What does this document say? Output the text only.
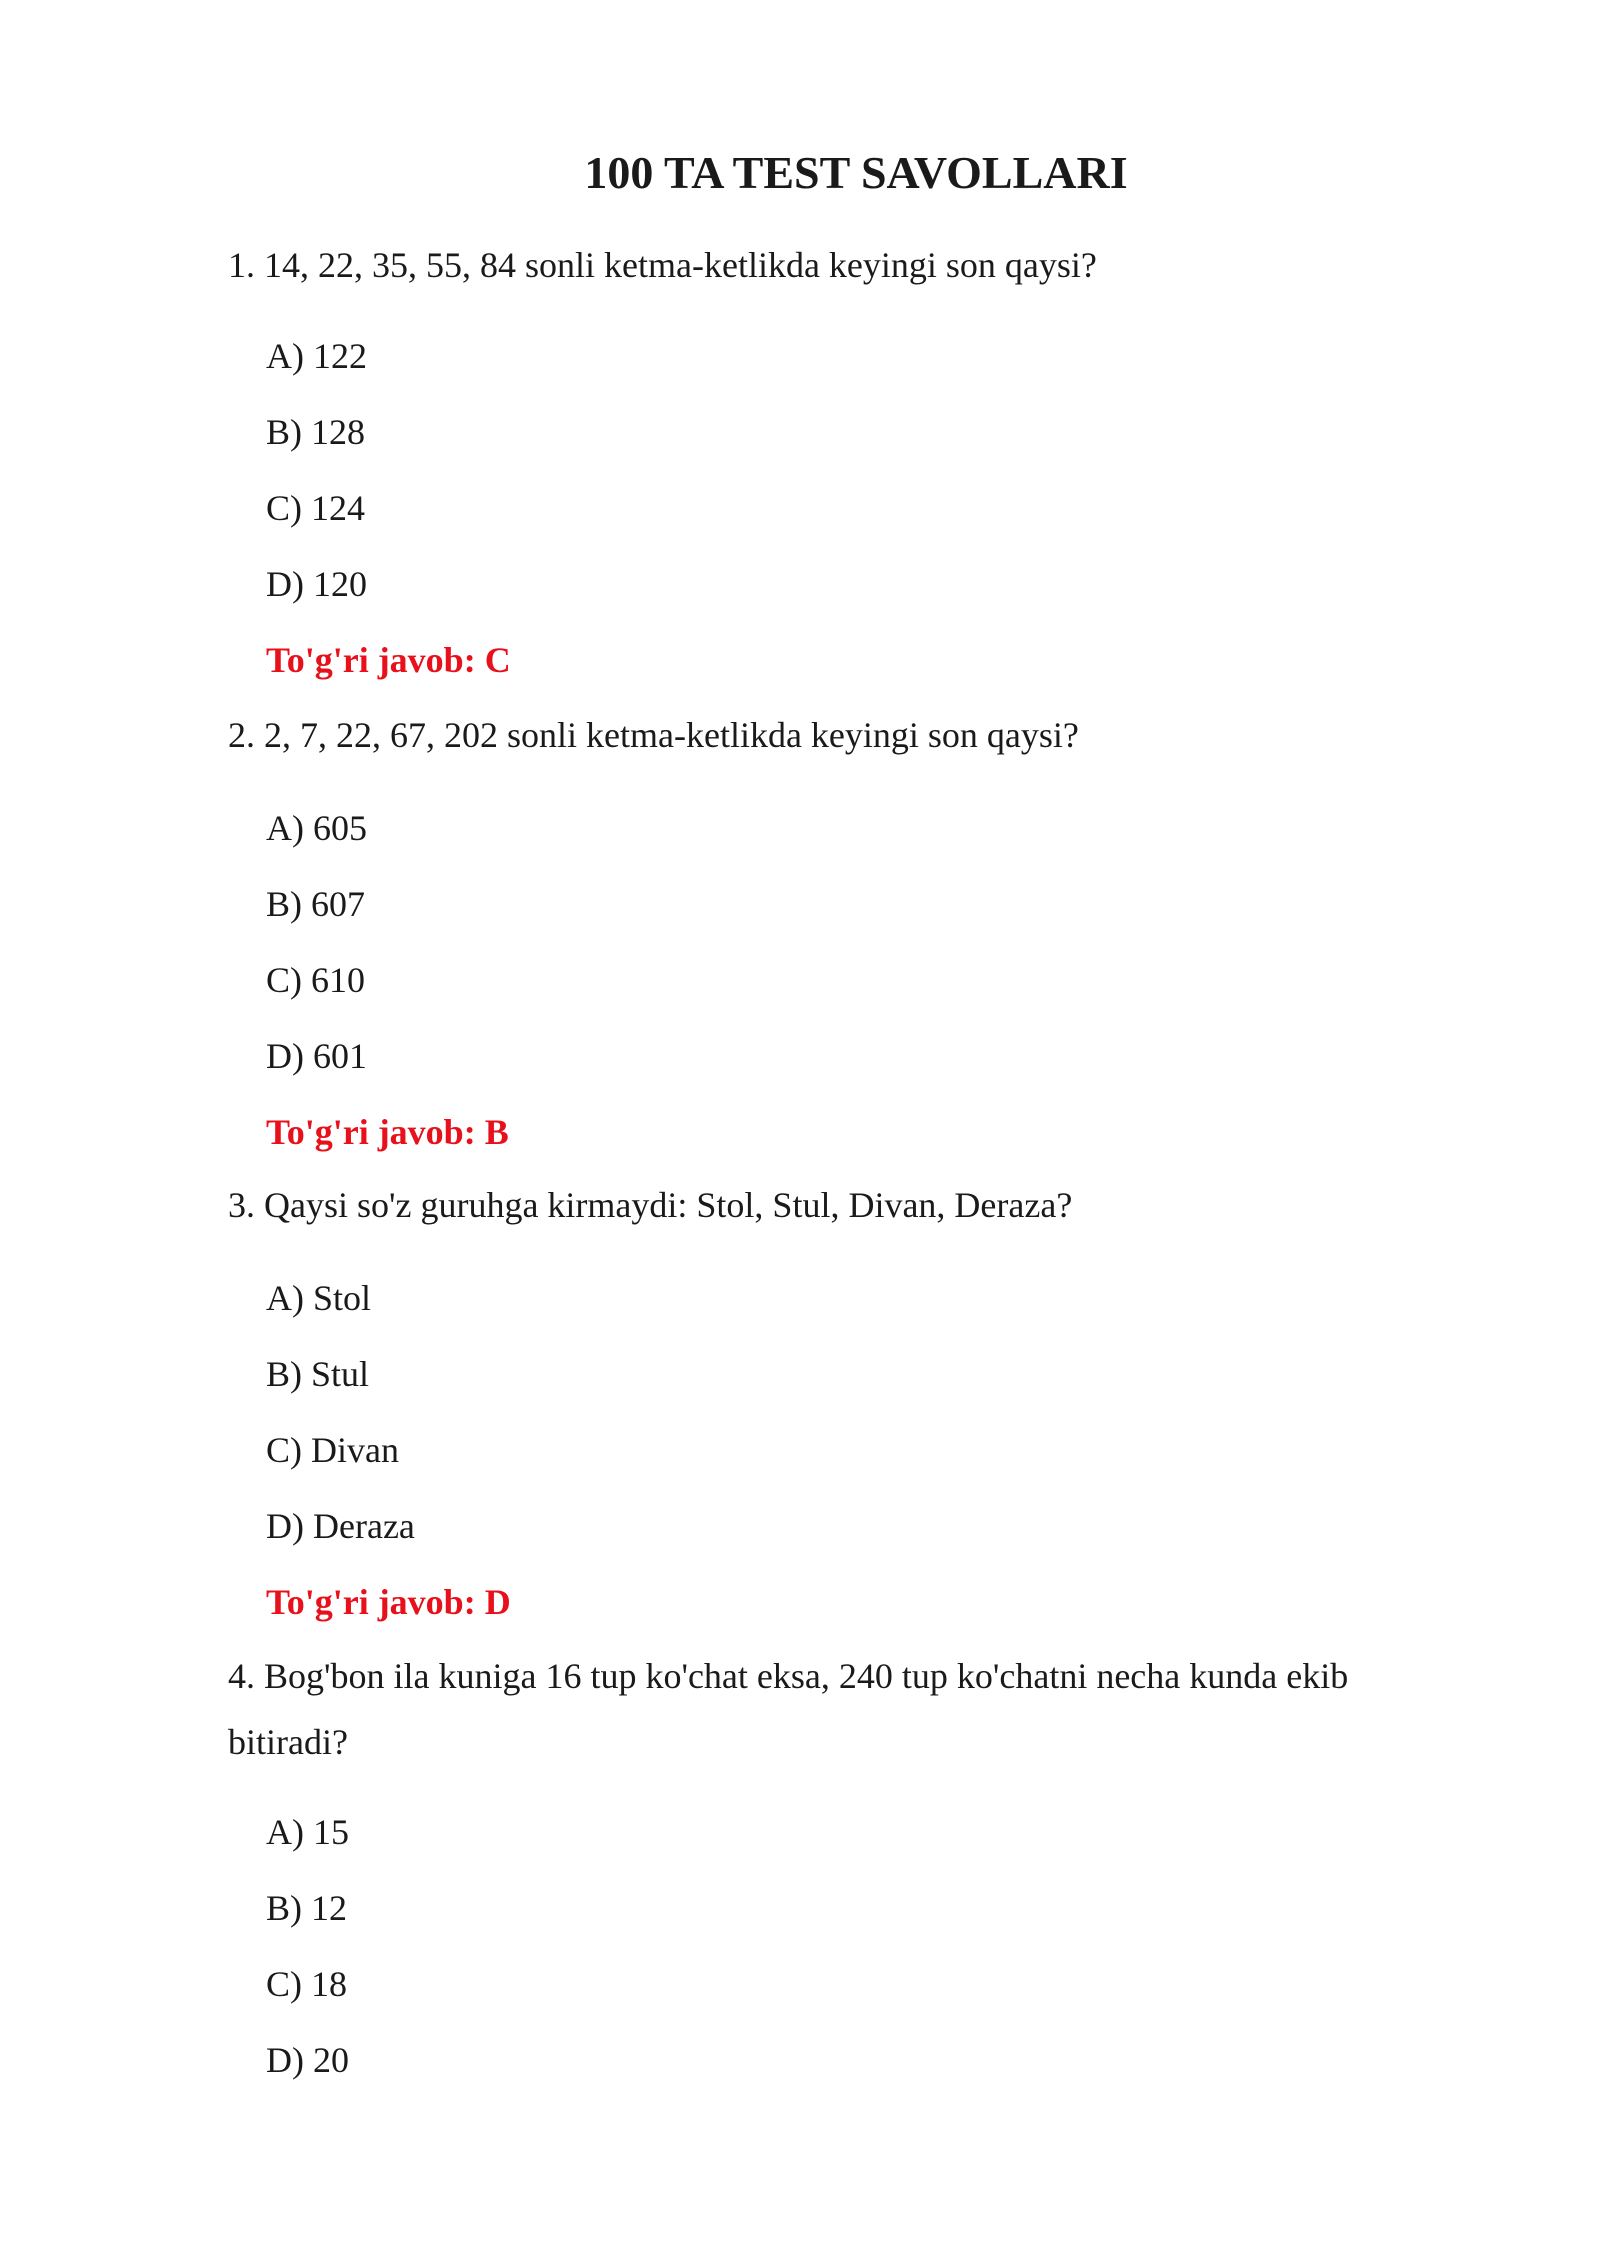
100 TA TEST SAVOLLARI

1. 14, 22, 35, 55, 84 sonli ketma-ketlikda keyingi son qaysi?

A) 122

B) 128

C) 124

D) 120

To'g'ri javob: C

2. 2, 7, 22, 67, 202 sonli ketma-ketlikda keyingi son qaysi?

A) 605

B) 607

C) 610

D) 601

To'g'ri javob: B

3. Qaysi so'z guruhga kirmaydi: Stol, Stul, Divan, Deraza?

A) Stol

B) Stul

C) Divan

D) Deraza

To'g'ri javob: D

4. Bog'bon ila kuniga 16 tup ko'chat eksa, 240 tup ko'chatni necha kunda ekib bitiradi?

A) 15

B) 12

C) 18

D) 20
